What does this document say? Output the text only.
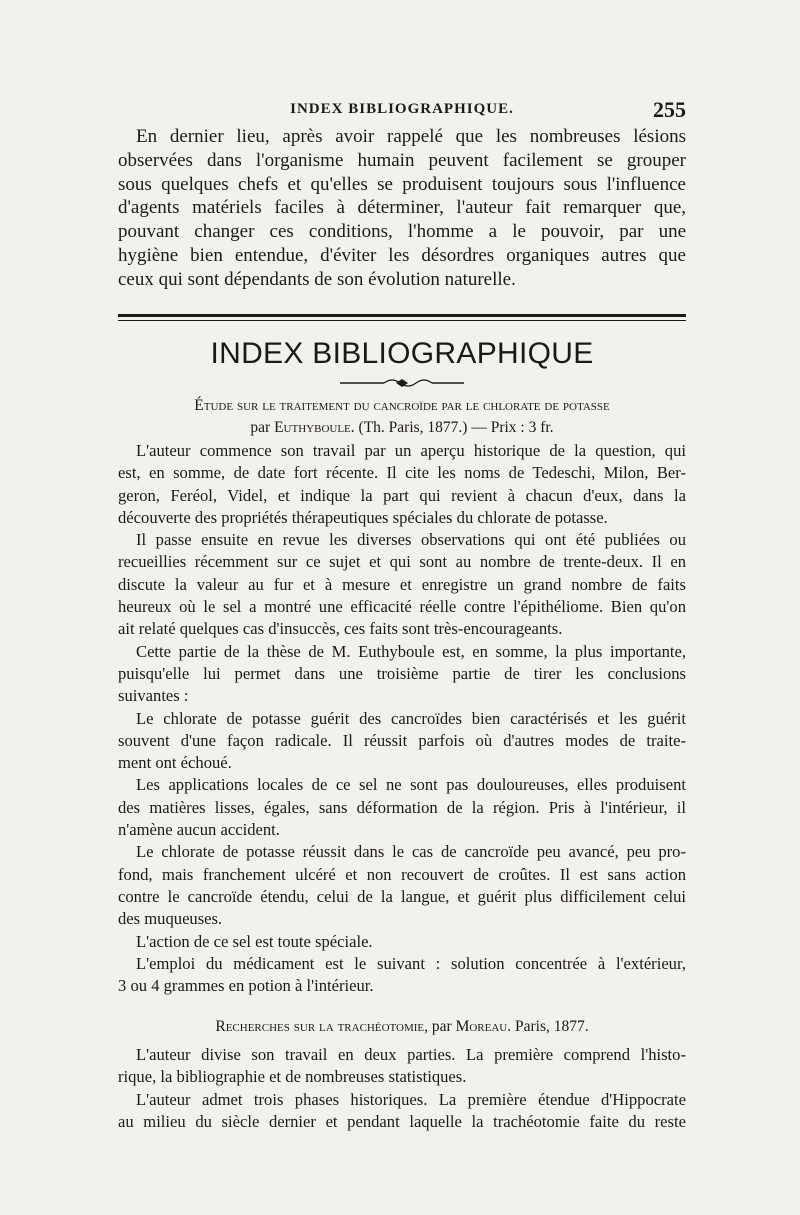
INDEX BIBLIOGRAPHIQUE.	255
En dernier lieu, après avoir rappelé que les nombreuses lésions
observées dans l'organisme humain peuvent facilement se grouper
sous quelques chefs et qu'elles se produisent toujours sous l'influence
d'agents matériels faciles à déterminer, l'auteur fait remarquer que,
pouvant changer ces conditions, l'homme a le pouvoir, par une
hygiène bien entendue, d'éviter les désordres organiques autres que
ceux qui sont dépendants de son évolution naturelle.
INDEX BIBLIOGRAPHIQUE
Étude sur le traitement du cancroïde par le chlorate de potasse
par Euthyboule. (Th. Paris, 1877.) — Prix : 3 fr.
L'auteur commence son travail par un aperçu historique de la question, qui
est, en somme, de date fort récente. Il cite les noms de Tedeschi, Milon, Ber-
geron, Feréol, Videl, et indique la part qui revient à chacun d'eux, dans la
découverte des propriétés thérapeutiques spéciales du chlorate de potasse.
Il passe ensuite en revue les diverses observations qui ont été publiées ou
recueillies récemment sur ce sujet et qui sont au nombre de trente-deux. Il en
discute la valeur au fur et à mesure et enregistre un grand nombre de faits
heureux où le sel a montré une efficacité réelle contre l'épithéliome. Bien qu'on
ait relaté quelques cas d'insuccès, ces faits sont très-encourageants.
Cette partie de la thèse de M. Euthyboule est, en somme, la plus importante,
puisqu'elle lui permet dans une troisième partie de tirer les conclusions
suivantes :
Le chlorate de potasse guérit des cancroïdes bien caractérisés et les guérit
souvent d'une façon radicale. Il réussit parfois où d'autres modes de traite-
ment ont échoué.
Les applications locales de ce sel ne sont pas douloureuses, elles produisent
des matières lisses, égales, sans déformation de la région. Pris à l'intérieur, il
n'amène aucun accident.
Le chlorate de potasse réussit dans le cas de cancroïde peu avancé, peu pro-
fond, mais franchement ulcéré et non recouvert de croûtes. Il est sans action
contre le cancroïde étendu, celui de la langue, et guérit plus difficilement celui
des muqueuses.
L'action de ce sel est toute spéciale.
L'emploi du médicament est le suivant : solution concentrée à l'extérieur,
3 ou 4 grammes en potion à l'intérieur.
Recherches sur la trachéotomie, par Moreau. Paris, 1877.
L'auteur divise son travail en deux parties. La première comprend l'histo-
rique, la bibliographie et de nombreuses statistiques.
L'auteur admet trois phases historiques. La première étendue d'Hippocrate
au milieu du siècle dernier et pendant laquelle la trachéotomie faite du reste
